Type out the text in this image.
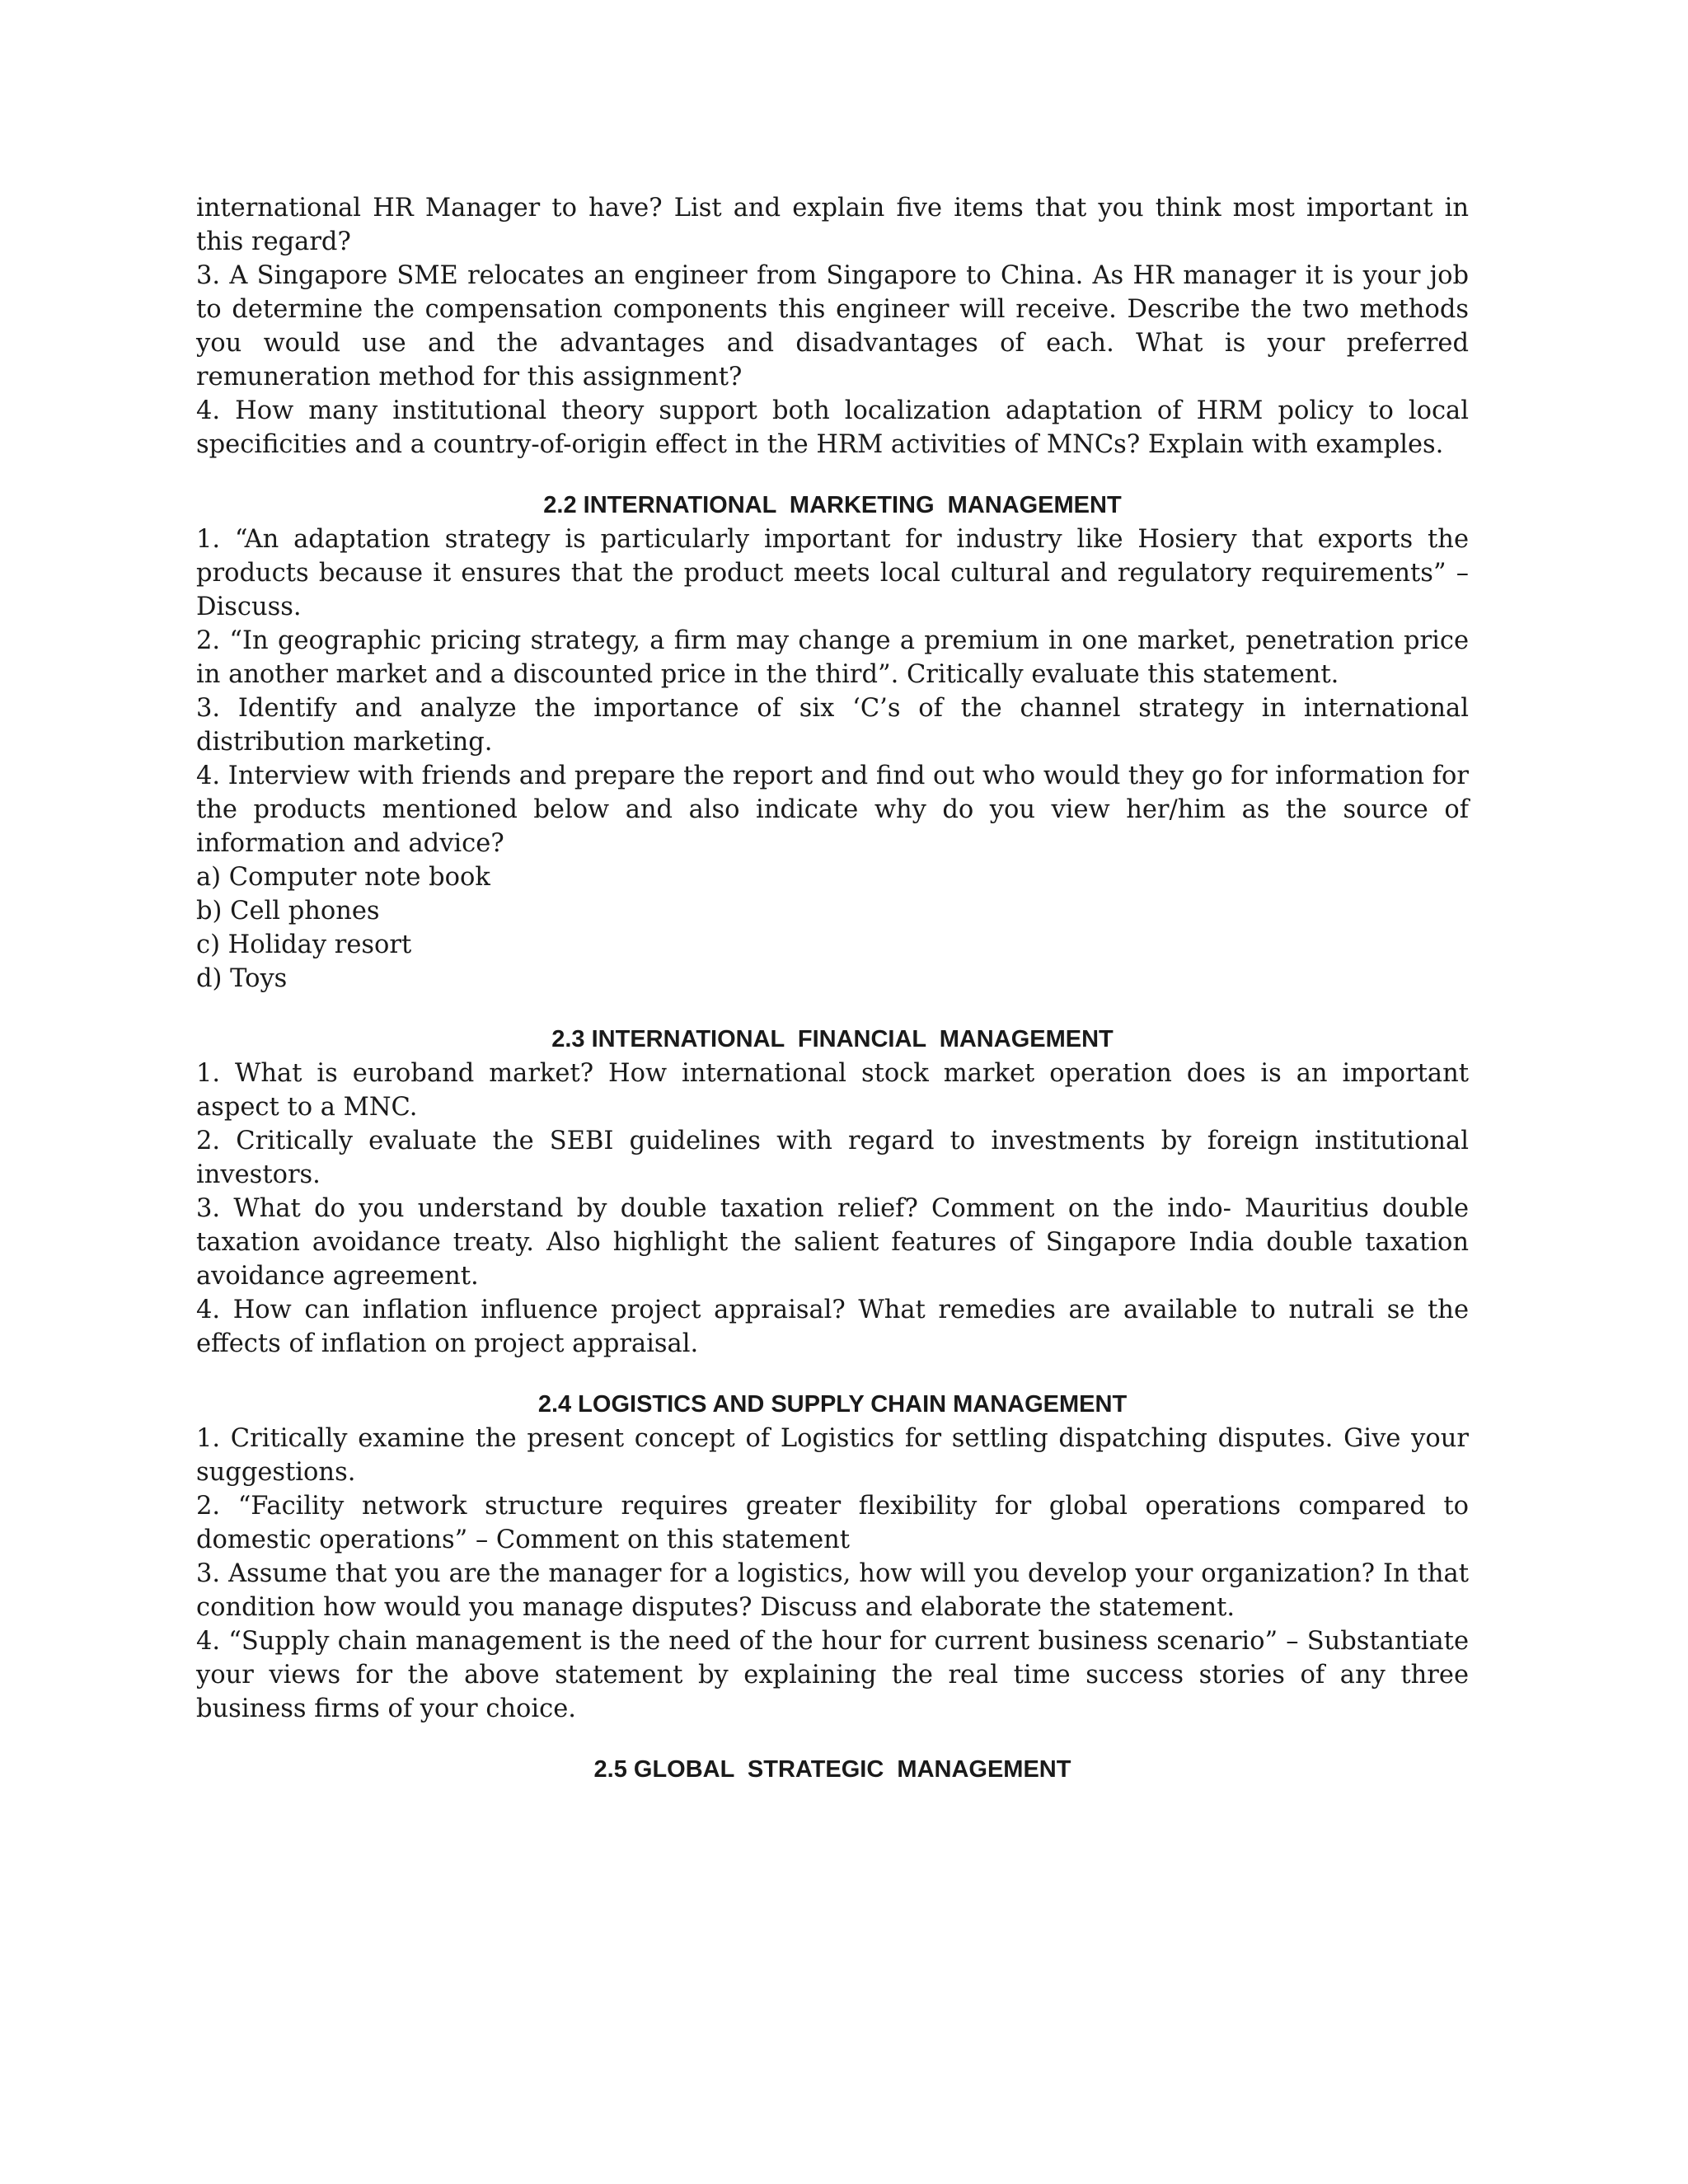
international HR Manager to have? List and explain five items that you think most important in this regard?

3. A Singapore SME relocates an engineer from Singapore to China. As HR manager it is your job to determine the compensation components this engineer will receive. Describe the two methods you would use and the advantages and disadvantages of each. What is your preferred remuneration method for this assignment?

4. How many institutional theory support both localization adaptation of HRM policy to local specificities and a country-of-origin effect in the HRM activities of MNCs? Explain with examples.

2.2 INTERNATIONAL  MARKETING  MANAGEMENT

1. “An adaptation strategy is particularly important for industry like Hosiery that exports the products because it ensures that the product meets local cultural and regulatory requirements” – Discuss.

2. “In geographic pricing strategy, a firm may change a premium in one market, penetration price in another market and a discounted price in the third”. Critically evaluate this statement.

3. Identify and analyze the importance of six ‘C’s of the channel strategy in international distribution marketing.

4. Interview with friends and prepare the report and find out who would they go for information for the products mentioned below and also indicate why do you view her/him as the source of information and advice?

a) Computer note book

b) Cell phones

c) Holiday resort

d) Toys

2.3 INTERNATIONAL  FINANCIAL  MANAGEMENT

1. What is euroband market? How international stock market operation does is an important aspect to a MNC.

2. Critically evaluate the SEBI guidelines with regard to investments by foreign institutional investors.

3. What do you understand by double taxation relief? Comment on the indo- Mauritius double taxation avoidance treaty. Also highlight the salient features of Singapore India double taxation avoidance agreement.

4. How can inflation influence project appraisal? What remedies are available to nutrali se the effects of inflation on project appraisal.

2.4 LOGISTICS AND SUPPLY CHAIN MANAGEMENT

1. Critically examine the present concept of Logistics for settling dispatching disputes. Give your suggestions.

2. “Facility network structure requires greater flexibility for global operations compared to domestic operations” – Comment on this statement

3. Assume that you are the manager for a logistics, how will you develop your organization? In that condition how would you manage disputes? Discuss and elaborate the statement.

4. “Supply chain management is the need of the hour for current business scenario” – Substantiate your views for the above statement by explaining the real time success stories of any three business firms of your choice.

2.5 GLOBAL  STRATEGIC  MANAGEMENT
